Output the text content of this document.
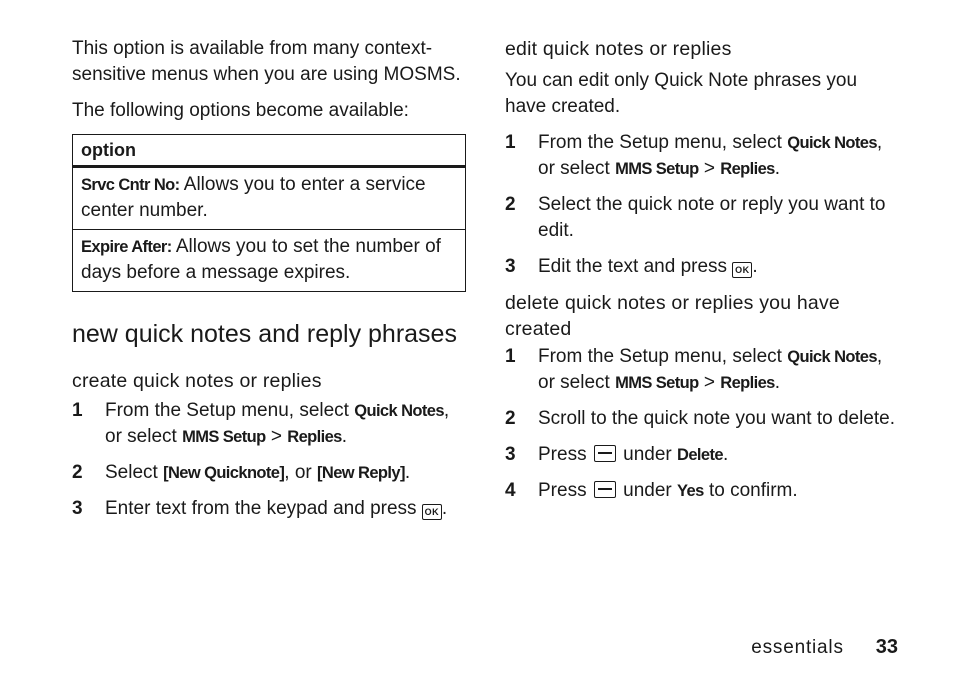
This option is available from many context-sensitive menus when you are using MOSMS.

The following options become available:

option
Srvc Cntr No: Allows you to enter a service center number.
Expire After: Allows you to set the number of days before a message expires.
new quick notes and reply phrases
create quick notes or replies
1 From the Setup menu, select Quick Notes, or select MMS Setup > Replies.
2 Select [New Quicknote], or [New Reply].
3 Enter text from the keypad and press OK .
edit quick notes or replies

You can edit only Quick Note phrases you have created.

1 From the Setup menu, select Quick Notes, or select MMS Setup > Replies.
2 Select the quick note or reply you want to edit.
3 Edit the text and press OK .
delete quick notes or replies you have created
1 From the Setup menu, select Quick Notes, or select MMS Setup > Replies.
2 Scroll to the quick note you want to delete.
3 Press  under Delete.
4 Press  under Yes to confirm.
essentials 33
